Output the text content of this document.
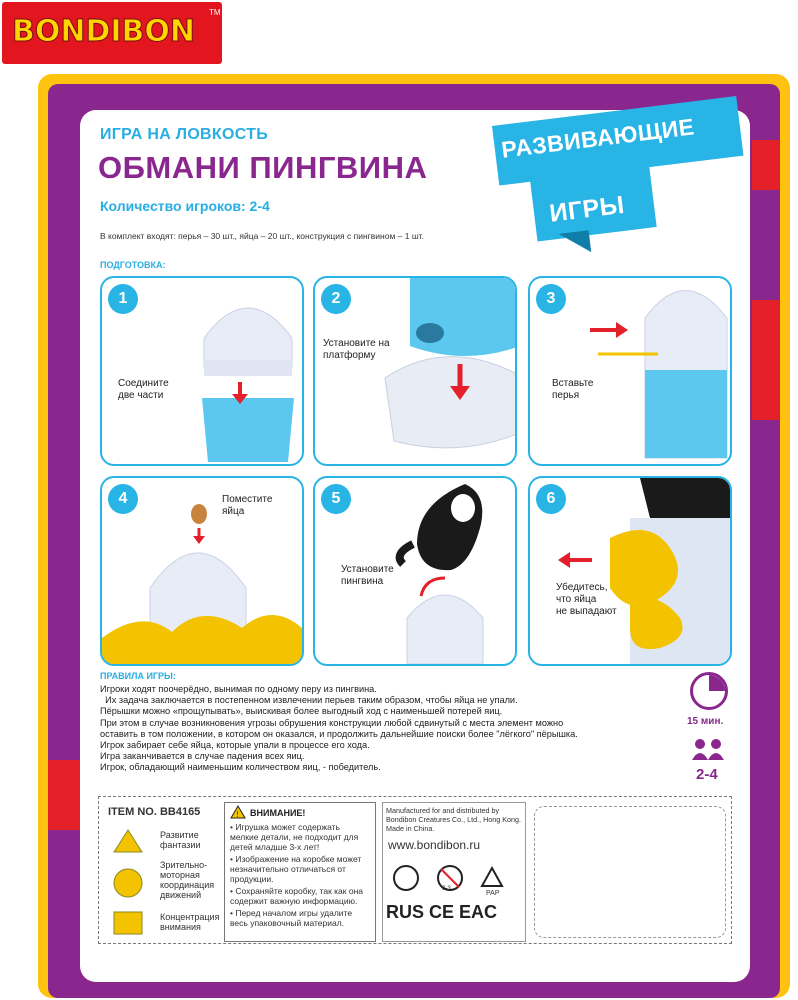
BONDIBON
TM
ИГРА НА ЛОВКОСТЬ
ОБМАНИ ПИНГВИНА
Количество игроков: 2-4
В комплект входят: перья – 30 шт., яйца – 20 шт., конструкция с пингвином – 1 шт.
ПОДГОТОВКА:
РАЗВИВАЮЩИЕ
ИГРЫ
1
Соедините
две части
2
Установите на
платформу
3
Вставьте
перья
4	Поместите
яйца
5
Установите
пингвина
6
Убедитесь,
что яйца
не выпадают
ПРАВИЛА ИГРЫ:
Игроки ходят поочерёдно, вынимая по одному перу из пингвина.
Их задача заключается в постепенном извлечении перьев таким образом, чтобы яйца не упали.
Пёрышки можно «прощупывать», выискивая более выгодный ход с наименьшей потерей яиц.
При этом в случае возникновения угрозы обрушения конструкции любой сдвинутый с места элемент можно
оставить в том положении, в котором он оказался, и продолжить дальнейшие поиски более "лёгкого" пёрышка.
Игрок забирает себе яйца, которые упали в процессе его хода.
Игра заканчивается в случае падения всех яиц.
Игрок, обладающий наименьшим количеством яиц, - победитель.
15 мин.
2-4
ITEM NO. BB4165
Развитие
фантазии
Зрительно-
моторная
координация
движений
Концентрация
внимания
! ВНИМАНИЕ!
• Игрушка может содержать мелкие детали, не подходит для детей младше 3-х лет!
• Изображение на коробке может незначительно отличаться от продукции.
• Сохраняйте коробку, так как она содержит важную информацию.
• Перед началом игры удалите весь упаковочный материал.
Manufactured for and distributed by Bondibon Creatures Co., Ltd., Hong Kong. Made in China.
www.bondibon.ru
0-3
PAP
RUS CE EAC
